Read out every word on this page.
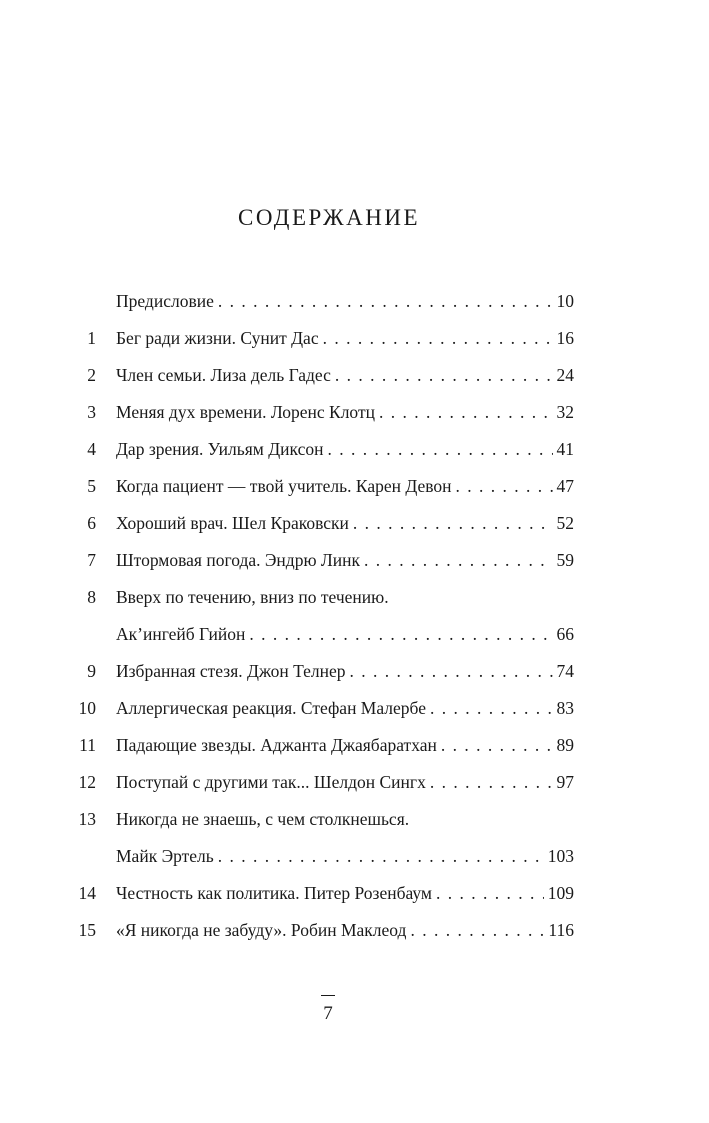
СОДЕРЖАНИЕ
Предисловие . . .	10
1 Бег ради жизни. Сунит Дас . . .	16
2 Член семьи. Лиза дель Гадес . . .	24
3 Меняя дух времени. Лоренс Клотц . . .	32
4 Дар зрения. Уильям Диксон . . .	41
5 Когда пациент — твой учитель. Карен Девон . . .	47
6 Хороший врач. Шел Краковски . . .	52
7 Штормовая погода. Эндрю Линк . . .	59
8	Вверх по течению, вниз по течению.
Ак’ингейб Гийон . . .	66
9 Избранная стезя. Джон Телнер . . .	74
10 Аллергическая реакция. Стефан Малербе . . .	83
11 Падающие звезды. Аджанта Джаябаратхан . . .	89
12 Поступай с другими так... Шелдон Сингх . . .	97
13	Никогда не знаешь, с чем столкнешься.
Майк Эртель . . .	103
14 Честность как политика. Питер Розенбаум . . .	109
15 «Я никогда не забуду». Робин Маклеод . . .	116
7
